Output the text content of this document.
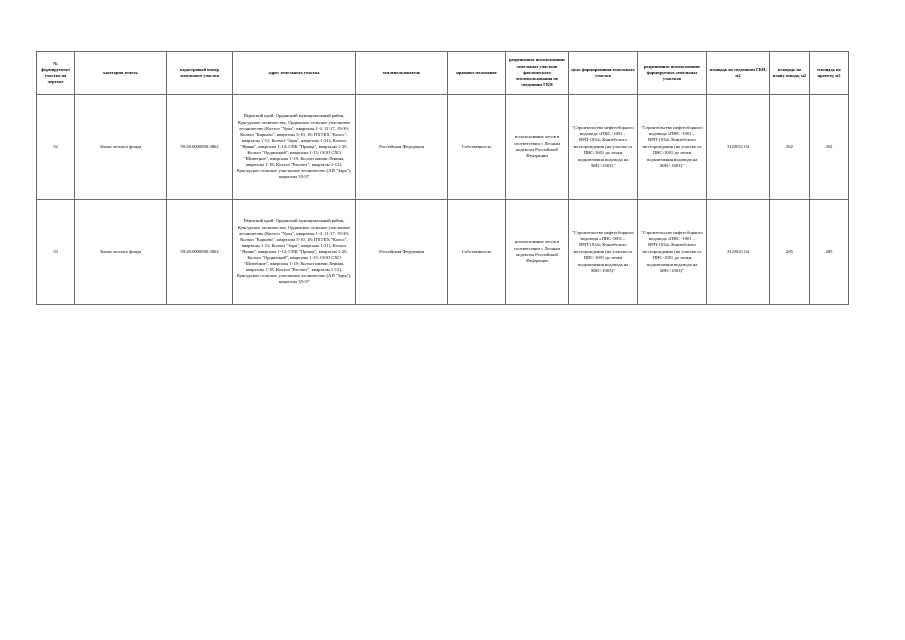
№ формируемого участка на чертеже	категория земель	кадастровый номер земельного участка	адрес земельного участка	землепользователь	правовое положение	разрешенное использование земельных участков фактического землепользования по сведениям ГКН	цель формирования земельного участка	разрешенное использование формируемых земельных участков	площадь по сведениям ГКН, м2	площадь по плану отвода, м2	площадь по проекту, м2

52	Земли лесного фонда	59:28:0000000:3862	Пермский край, Ординский муниципальный район, Кунгурское лесничество, Ординское сельское участковое лесничество (Колхоз "Урал", кварталы 1-4, 11-17, 19-39; Колхоз "Карьево", кварталы 5-10, 18; ПХТКХ "Колос", кварталы 1-11; Колхоз "Заря", кварталы 1-21); Колхоз "Нрава", кварталы 1-14; СПК "Прища", кварталы 1-25; Колхоз "Ординский", кварталы 1-15; ООО СХО "Шипецкое", кварталы 1-19; Колхоз имени Ленина, кварталы 1-18; Колхоз "Рассвет", кварталы 1-12); Кунгурское сельское участковое лесничество (АП "Заря"), кварталы 35-37	Российская Федерация	Собственность	использование лесов в соответствии с Лесным кодексом Российской Федерации	"Строительство нефтесборного водовода «ПНС -1001 – ВРП-1034» Кинзебского месторождения (на участке от ПНС-1001 до точки подключения водовода на КНС-1003)"	"Строительство нефтесборного водовода «ПНС -1001 – ВРП-1034» Кинзебского месторождения (на участке от ПНС-1001 до точки подключения водовода на КНС-1003)"	3125821 04	202	202
53	Земли лесного фонда	59:28:0000000:3862	Пермский край, Ординский муниципальный район, Кунгурское лесничество, Ординское сельское участковое лесничество (Колхоз "Урал", кварталы 1-4, 11-17, 19-39; Колхоз "Карьево", кварталы 5-10, 18; ПХТКХ "Колос", кварталы 1-11; Колхоз "Заря", кварталы 1-21); Колхоз "Нрава", кварталы 1-14; СПК "Прища", кварталы 1-25; Колхоз "Ординский", кварталы 1-15; ООО СХО "Шипецкое", кварталы 1-19; Колхоз имени Ленина, кварталы 1-18; Колхоз "Рассвет", кварталы 1-12); Кунгурское сельское участковое лесничество (АП "Заря"), кварталы 35-37	Российская Федерация	Собственность	использование лесов в соответствии с Лесным кодексом Российской Федерации	"Строительство нефтесборного водовода «ПНС-1001 – ВРП-1034» Кинзебского месторождения (на участке от ПНС-1001 до точки подключения водовода на КНС-1003)"	"Строительство нефтесборного водовода «ПНС -1001 – ВРП-1034» Кинзебского месторождения (на участке от ПНС-1001 до точки подключения водовода на КНС-1003)"	3125821 04	285	285
